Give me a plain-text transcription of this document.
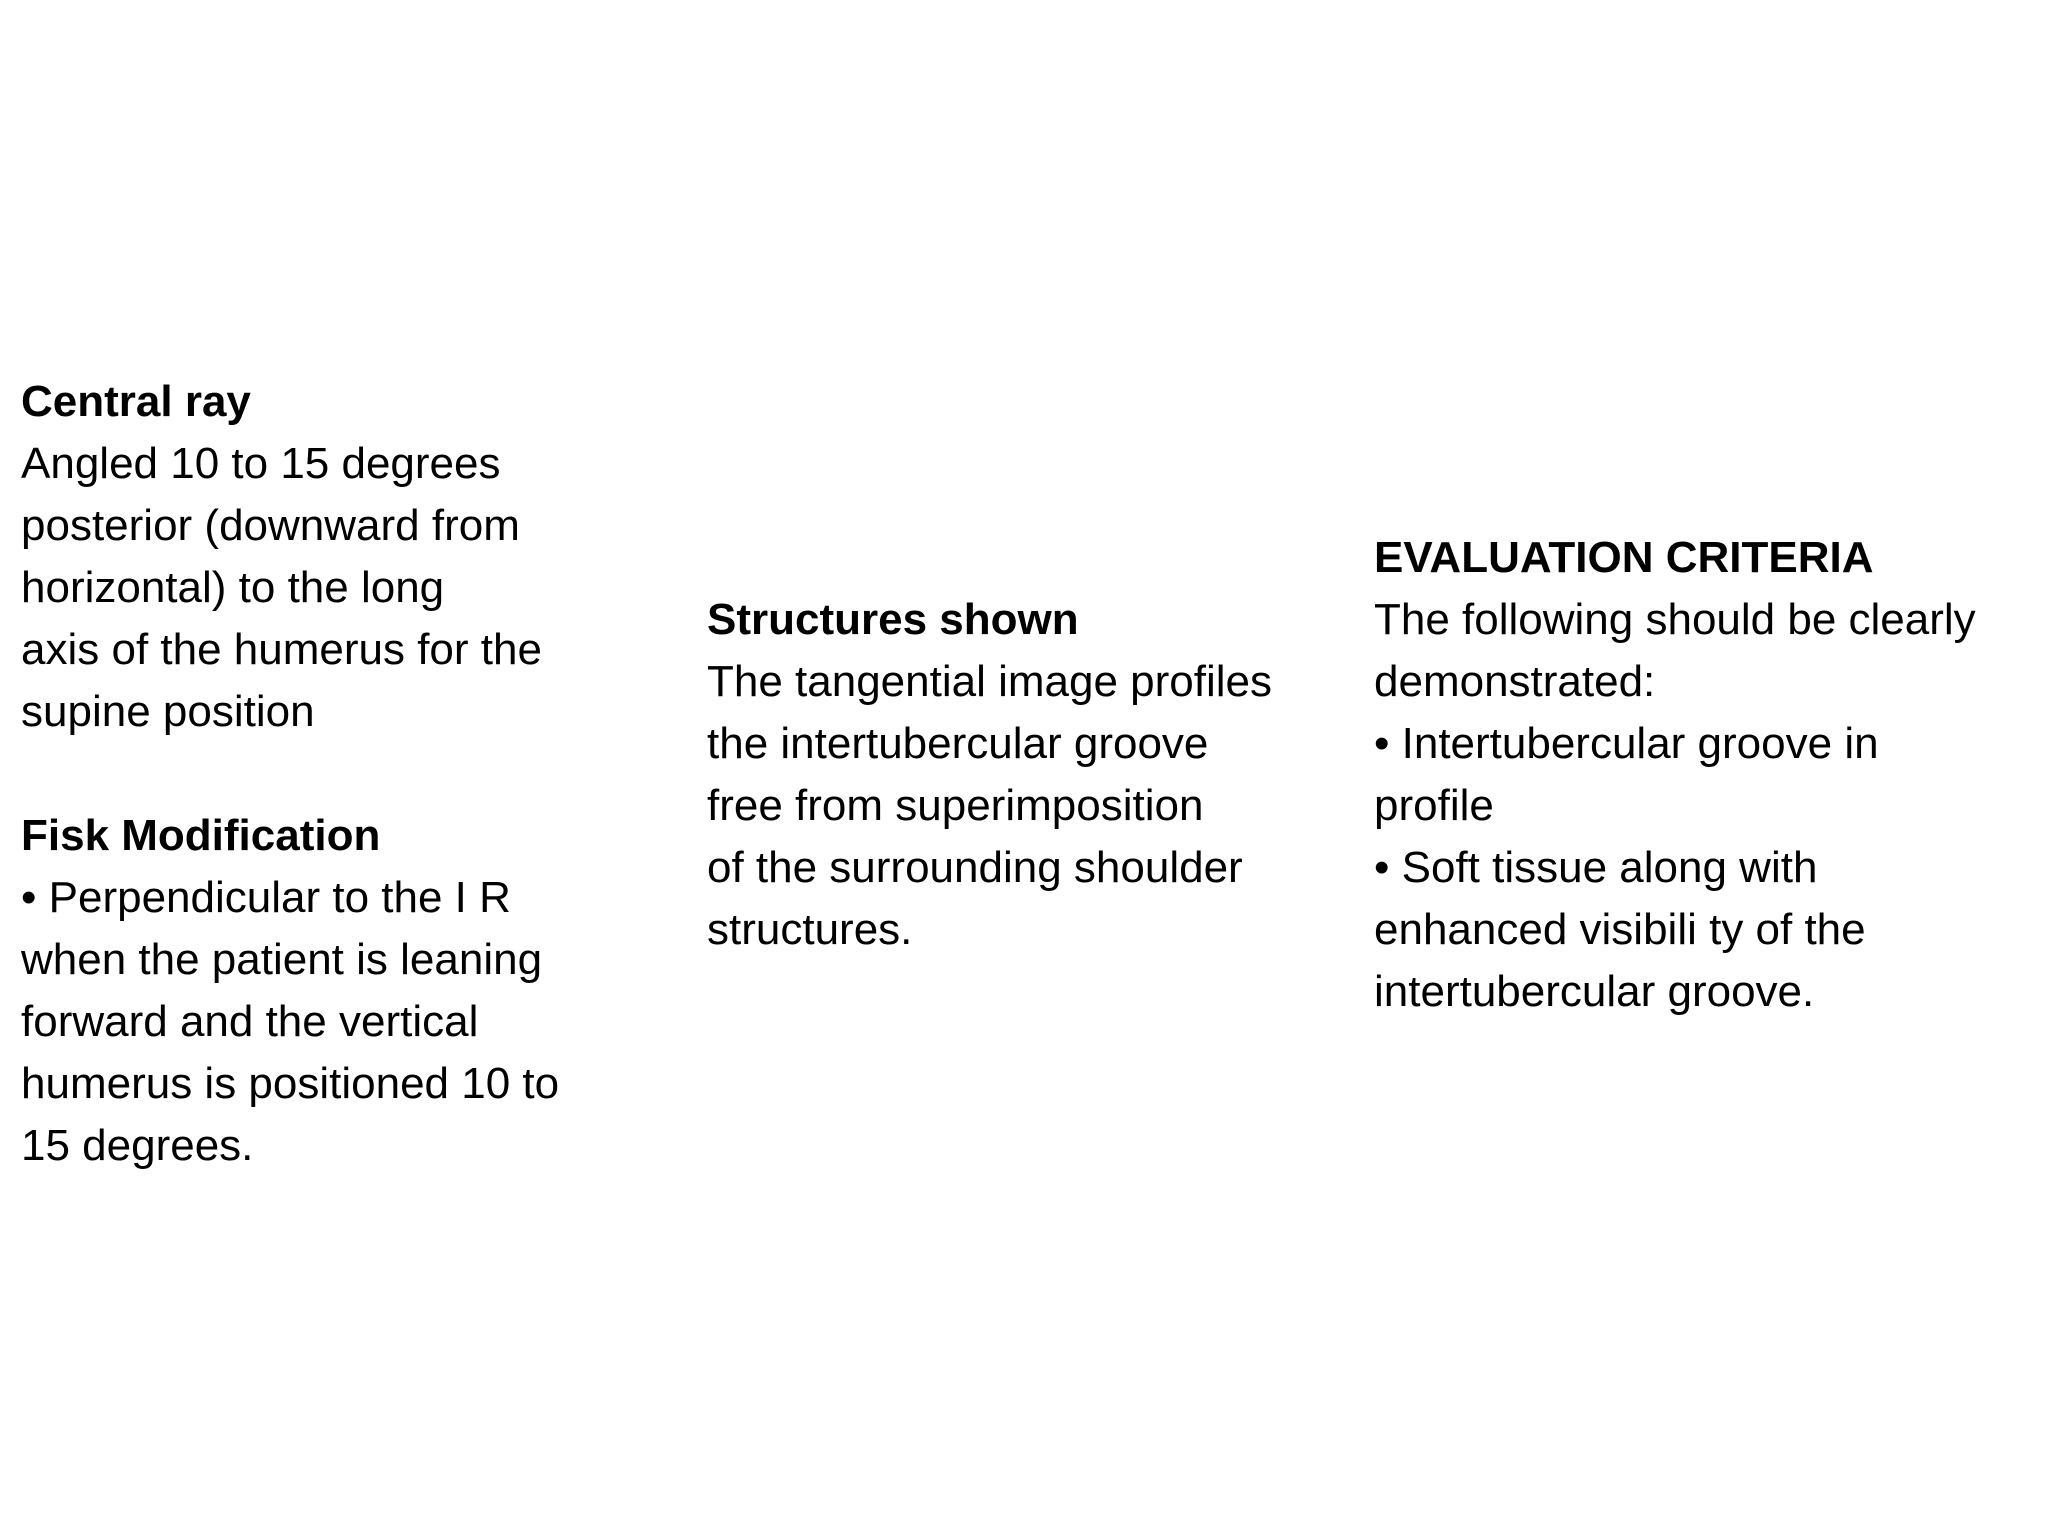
Central ray
Angled 10 to 15 degrees
posterior (downward from
horizontal) to the long
axis of the humerus for the
supine position
Fisk Modification
• Perpendicular to the I R
when the patient is leaning
forward and the vertical
humerus is positioned 10 to
15 degrees.
Structures shown
The tangential image profiles
the intertubercular groove
free from superimposition
of the surrounding shoulder
structures.
EVALUATION CRITERIA
The following should be clearly
demonstrated:
• Intertubercular groove in
profile
• Soft tissue along with
enhanced visibili ty of the
intertubercular groove.
